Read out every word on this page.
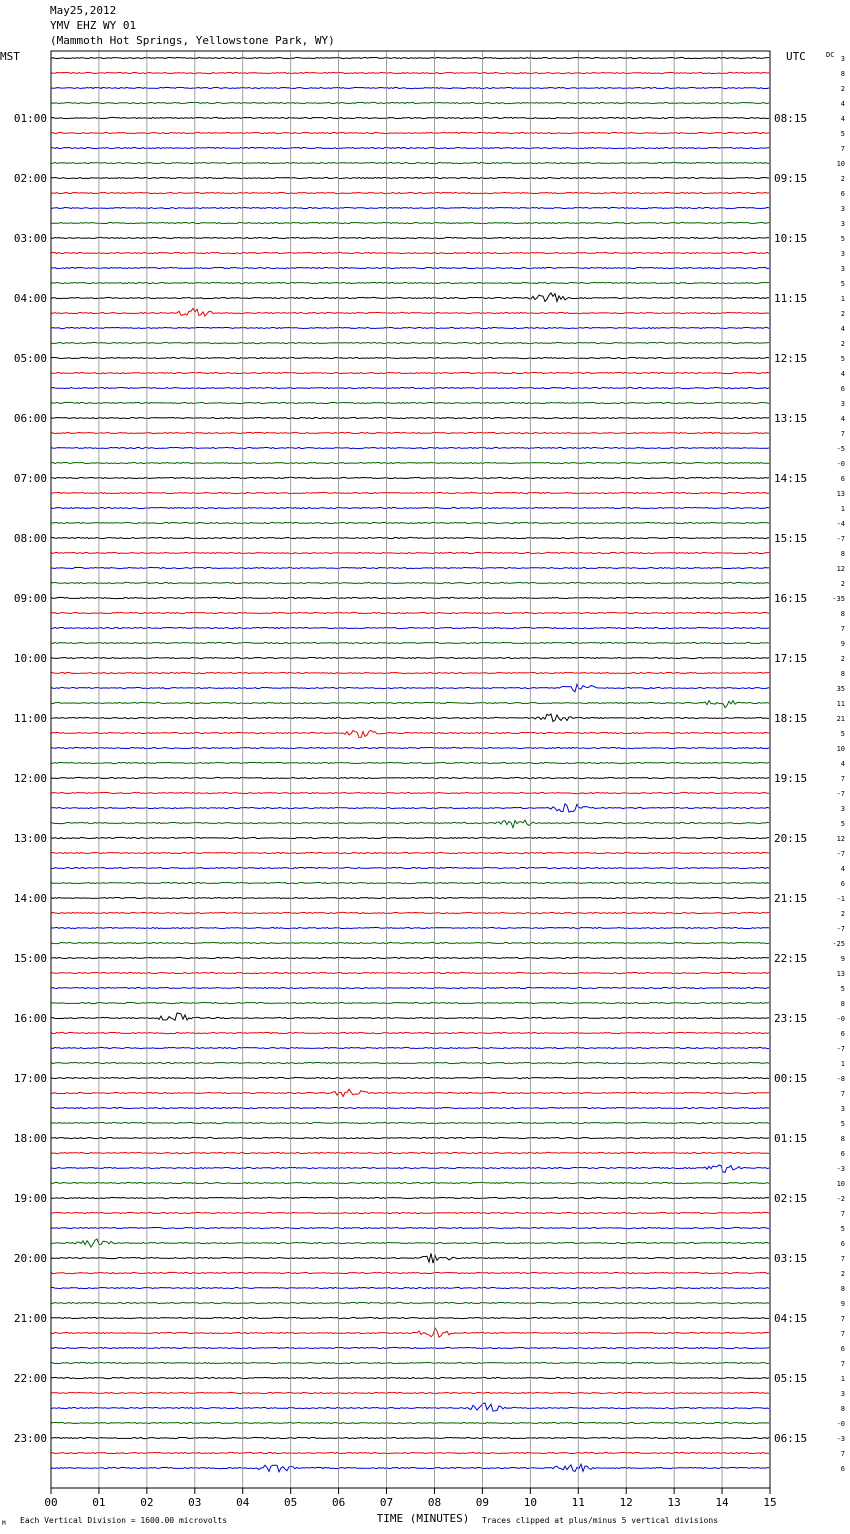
May25,2012
YMV EHZ WY 01
(Mammoth Hot Springs, Yellowstone Park, WY)
00	01	02	03	04	05	06	07	08	09	10	11	12	13	14	15
01:00
02:00
03:00
04:00
05:00
06:00
07:00
08:00
09:00
10:00
11:00
12:00
13:00
14:00
15:00
16:00
17:00
18:00
19:00
20:00
21:00
22:00
23:00
08:15
09:15
10:15
11:15
12:15
13:15
14:15
15:15
16:15
17:15
18:15
19:15
20:15
21:15
22:15
23:15
00:15
01:15
02:15
03:15
04:15
05:15
06:15
3
8
2
4
4
5
7
10
2
6
3
3
5
3
3
5
1
2
4
2
5
4
6
3
4
7
-5
-0
6
13
1
-4
-7
8
12
2
-35
8
7
9
2
8
35
11
21
5
10
4
7
-7
3
5
12
-7
4
6
-1
2
-7
-25
9
13
5
8
-0
6
-7
1
-8
7
3
5
8
6
-3
10
-2
7
5
6
7
2
8
9
7
7
6
7
1
3
8
-0
-3
7
6
MST	UTC	DC
TIME (MINUTES)
Each Vertical Division = 1600.00 microvolts	Traces clipped at plus/minus 5 vertical divisions
M
